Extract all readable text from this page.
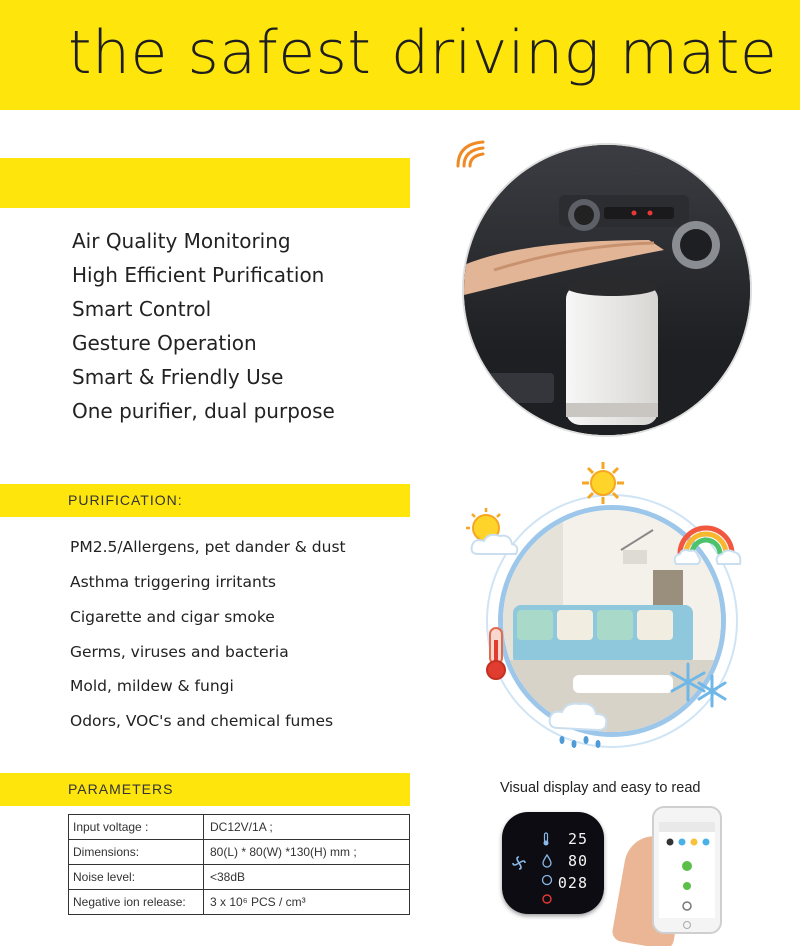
the safest driving mate
Air Quality Monitoring
High Efficient Purification
Smart Control
Gesture Operation
Smart & Friendly Use
One purifier, dual purpose
PURIFICATION:
PM2.5/Allergens, pet dander & dust
Asthma triggering irritants
Cigarette and cigar smoke
Germs, viruses and bacteria
Mold, mildew & fungi
Odors, VOC's and chemical fumes
PARAMETERS
Input voltage :	DC12V/1A ;
Dimensions:	80(L) * 80(W) *130(H) mm ;
Noise level:	<38dB
Negative ion release:	3 x 10⁶ PCS / cm³
Visual display and easy to read
25
80
028
